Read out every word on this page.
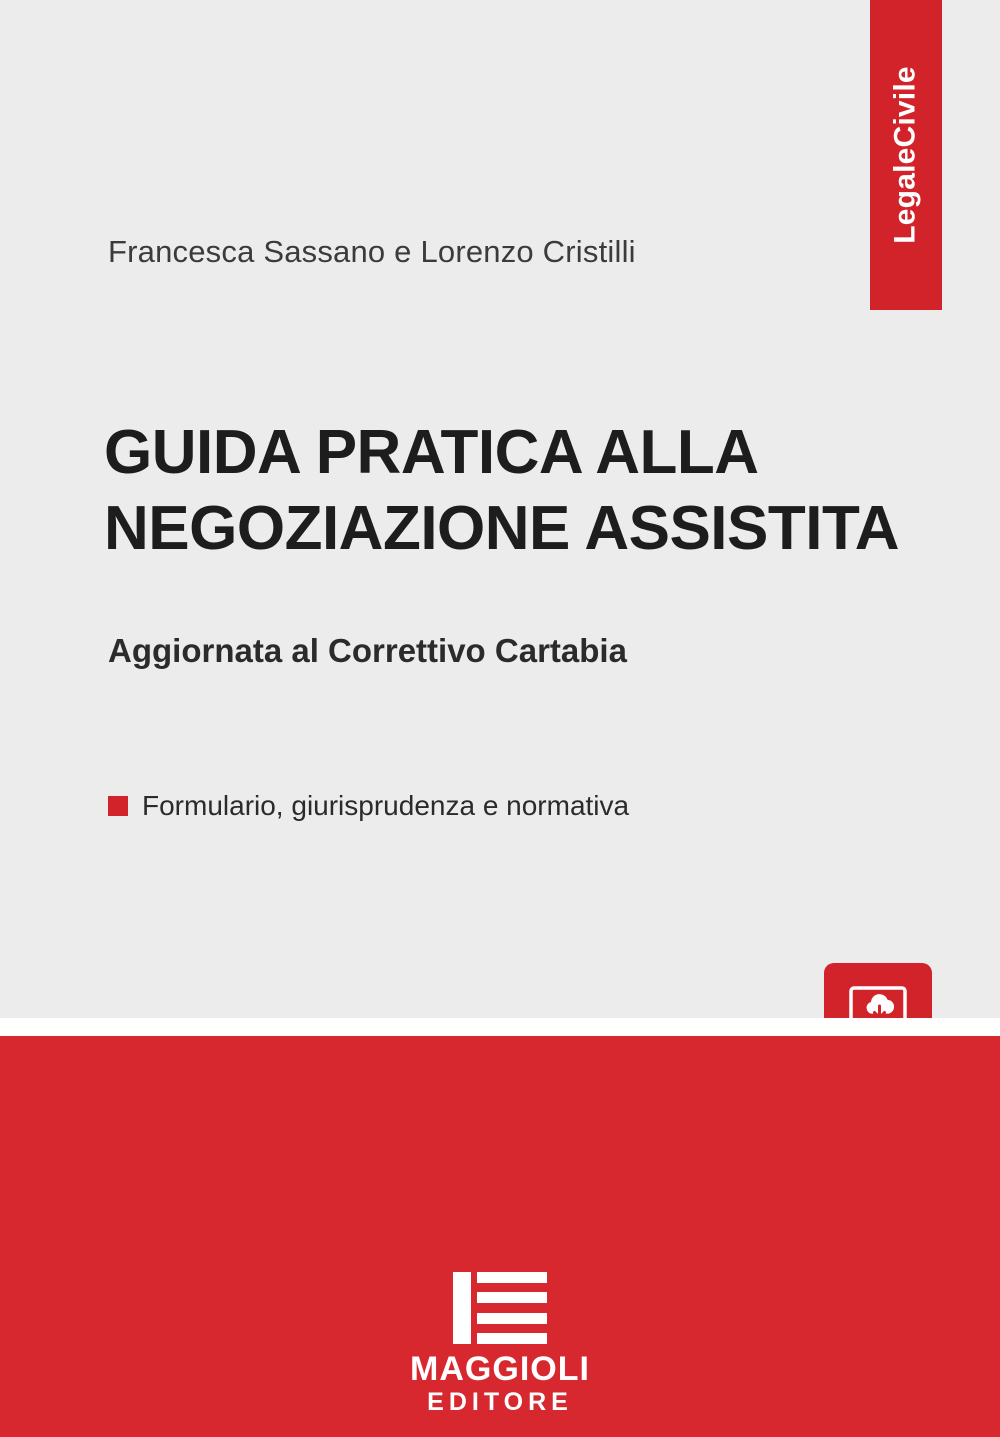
LegaleCivile
Francesca Sassano e Lorenzo Cristilli
GUIDA PRATICA ALLA
NEGOZIAZIONE ASSISTITA
Aggiornata al Correttivo Cartabia
Formulario, giurisprudenza e normativa
MAGGIOLI
EDITORE
